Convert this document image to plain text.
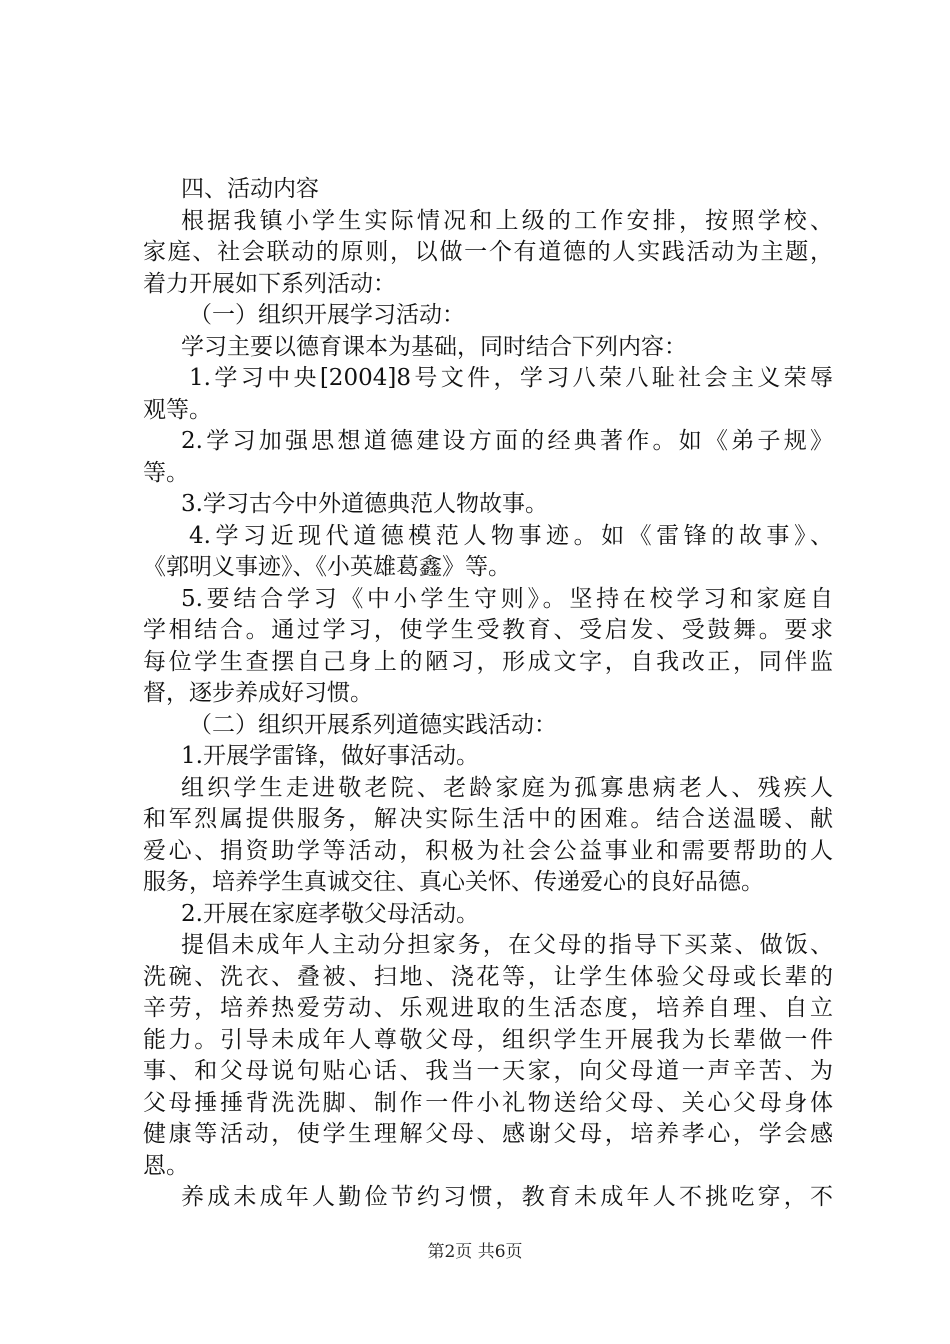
四、活动内容
根据我镇小学生实际情况和上级的工作安排，按照学校、
家庭、社会联动的原则，以做一个有道德的人实践活动为主题，
着力开展如下系列活动：
（一）组织开展学习活动：
学习主要以德育课本为基础，同时结合下列内容：
1.学习中央[2004]8号文件，学习八荣八耻社会主义荣辱
观等。
2.学习加强思想道德建设方面的经典著作。如《弟子规》
等。
3.学习古今中外道德典范人物故事。
4.学习近现代道德模范人物事迹。如《雷锋的故事》、
《郭明义事迹》、《小英雄葛鑫》等。
5.要结合学习《中小学生守则》。坚持在校学习和家庭自
学相结合。通过学习，使学生受教育、受启发、受鼓舞。要求
每位学生查摆自己身上的陋习，形成文字，自我改正，同伴监
督，逐步养成好习惯。
（二）组织开展系列道德实践活动：
1.开展学雷锋，做好事活动。
组织学生走进敬老院、老龄家庭为孤寡患病老人、残疾人
和军烈属提供服务，解决实际生活中的困难。结合送温暖、献
爱心、捐资助学等活动，积极为社会公益事业和需要帮助的人
服务，培养学生真诚交往、真心关怀、传递爱心的良好品德。
2.开展在家庭孝敬父母活动。
提倡未成年人主动分担家务，在父母的指导下买菜、做饭、
洗碗、洗衣、叠被、扫地、浇花等，让学生体验父母或长辈的
辛劳，培养热爱劳动、乐观进取的生活态度，培养自理、自立
能力。引导未成年人尊敬父母，组织学生开展我为长辈做一件
事、和父母说句贴心话、我当一天家，向父母道一声辛苦、为
父母捶捶背洗洗脚、制作一件小礼物送给父母、关心父母身体
健康等活动，使学生理解父母、感谢父母，培养孝心，学会感
恩。
养成未成年人勤俭节约习惯，教育未成年人不挑吃穿，不
第2页 共6页
